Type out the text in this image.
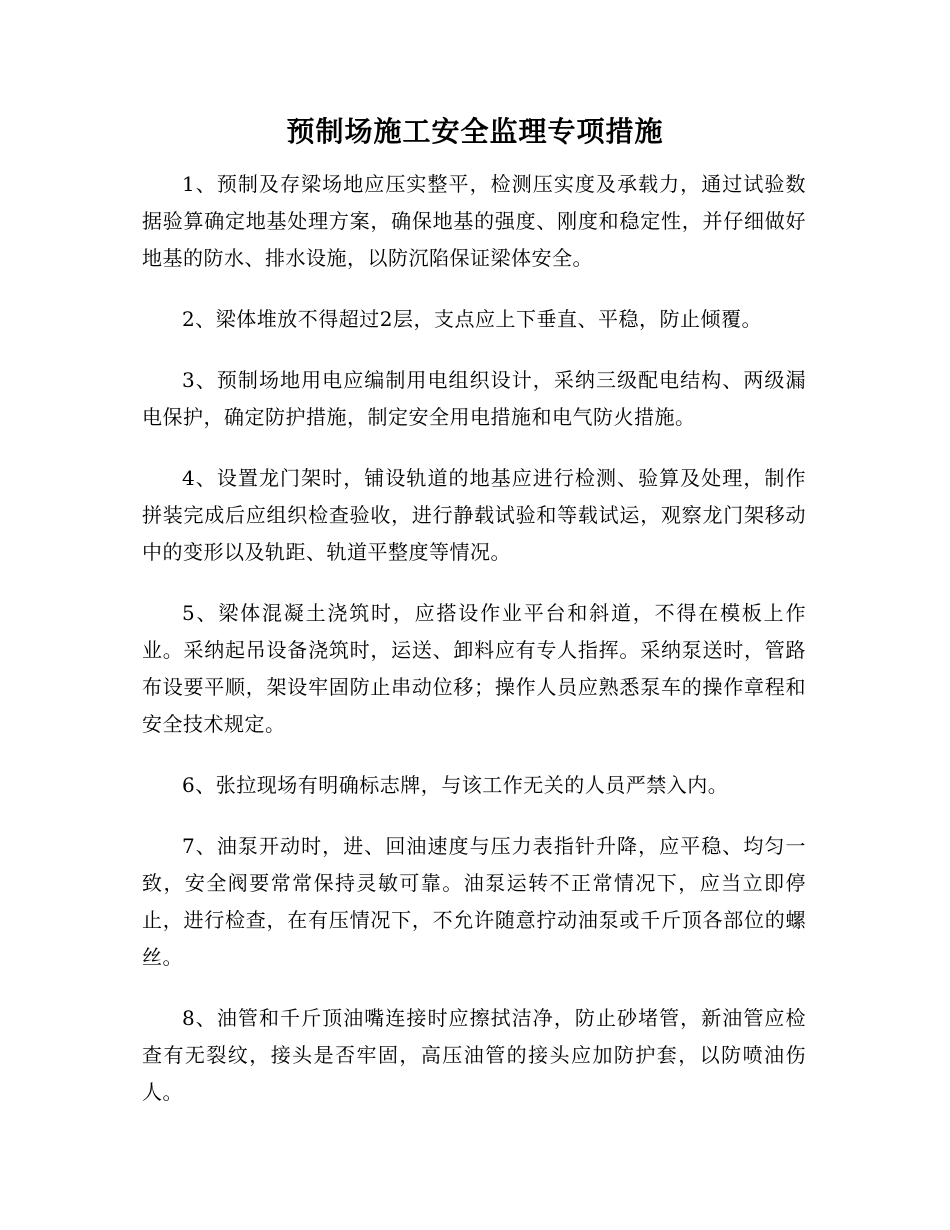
预制场施工安全监理专项措施

1、预制及存梁场地应压实整平，检测压实度及承载力，通过试验数据验算确定地基处理方案，确保地基的强度、刚度和稳定性，并仔细做好地基的防水、排水设施，以防沉陷保证梁体安全。

2、梁体堆放不得超过2层，支点应上下垂直、平稳，防止倾覆。

3、预制场地用电应编制用电组织设计，采纳三级配电结构、两级漏电保护，确定防护措施，制定安全用电措施和电气防火措施。

4、设置龙门架时，铺设轨道的地基应进行检测、验算及处理，制作拼装完成后应组织检查验收，进行静载试验和等载试运，观察龙门架移动中的变形以及轨距、轨道平整度等情况。

5、梁体混凝土浇筑时，应搭设作业平台和斜道，不得在模板上作业。采纳起吊设备浇筑时，运送、卸料应有专人指挥。采纳泵送时，管路布设要平顺，架设牢固防止串动位移；操作人员应熟悉泵车的操作章程和安全技术规定。

6、张拉现场有明确标志牌，与该工作无关的人员严禁入内。

7、油泵开动时，进、回油速度与压力表指针升降，应平稳、均匀一致，安全阀要常常保持灵敏可靠。油泵运转不正常情况下，应当立即停止，进行检查，在有压情况下，不允许随意拧动油泵或千斤顶各部位的螺丝。

8、油管和千斤顶油嘴连接时应擦拭洁净，防止砂堵管，新油管应检查有无裂纹，接头是否牢固，高压油管的接头应加防护套，以防喷油伤人。
